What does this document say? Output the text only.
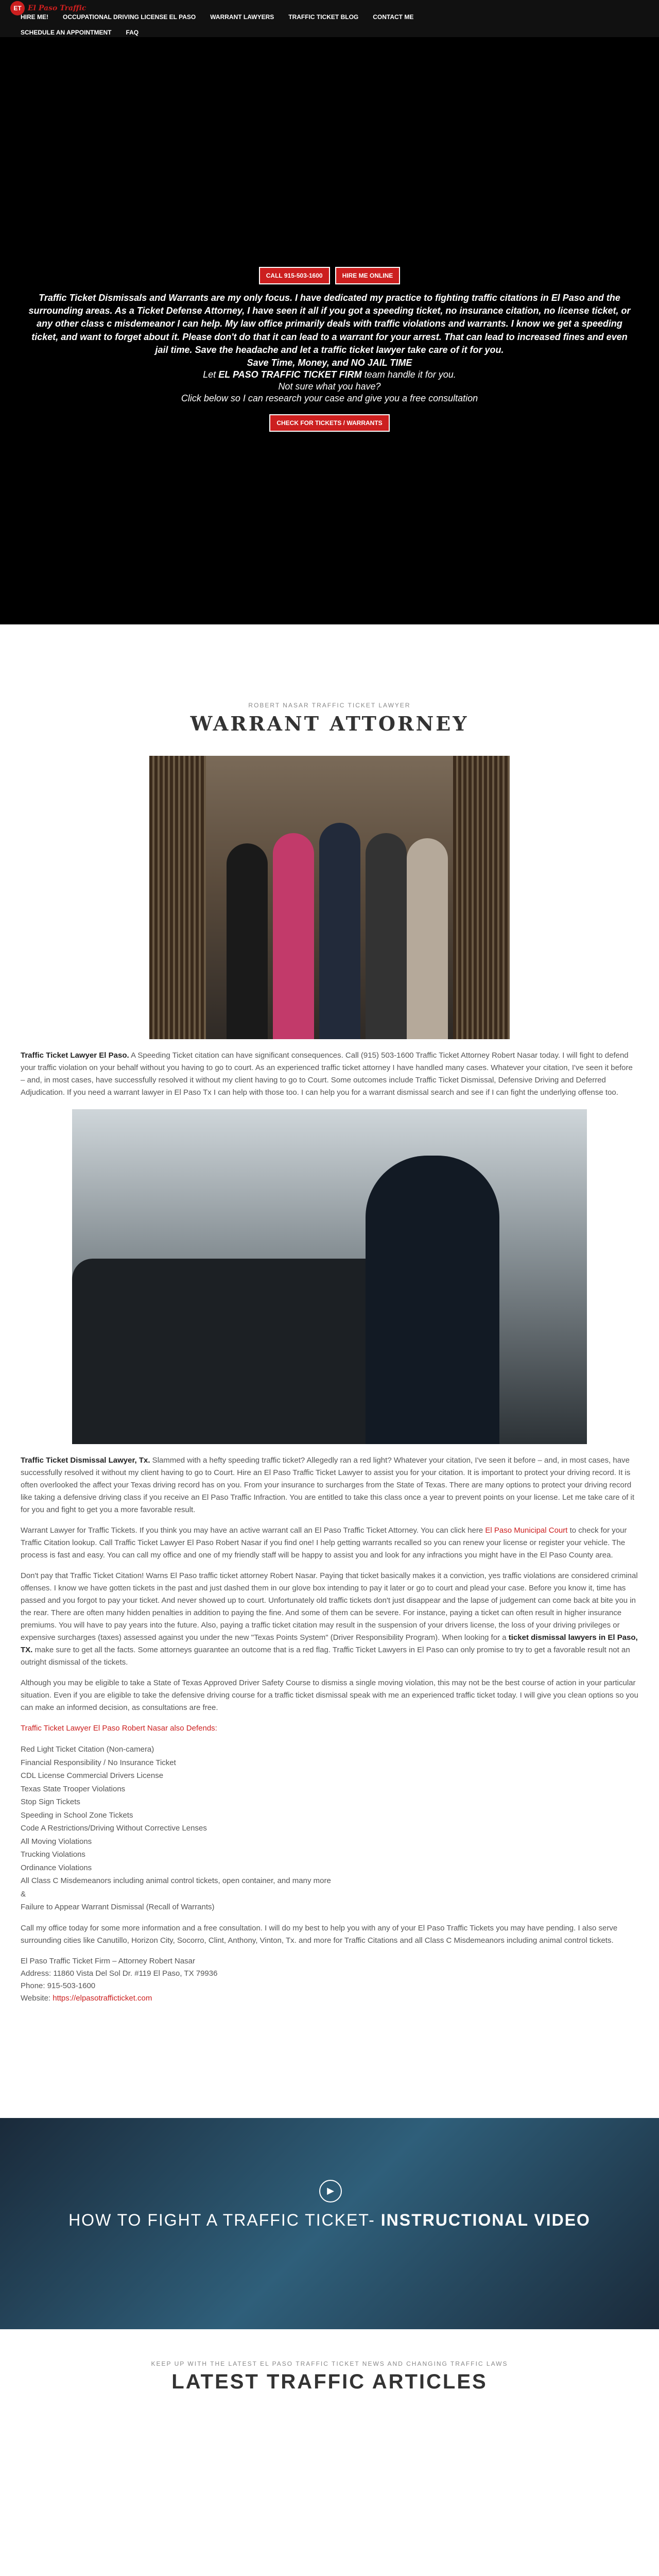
ET El Paso Traffic
HIRE ME! OCCUPATIONAL DRIVING LICENSE EL PASO WARRANT LAWYERS TRAFFIC TICKET BLOG CONTACT ME
SCHEDULE AN APPOINTMENT FAQ
CALL 915-503-1600	HIRE ME ONLINE

Traffic Ticket Dismissals and Warrants are my only focus. I have dedicated my practice to fighting traffic citations in El Paso and the surrounding areas. As a Ticket Defense Attorney, I have seen it all if you got a speeding ticket, no insurance citation, no license ticket, or any other class c misdemeanor I can help. My law office primarily deals with traffic violations and warrants. I know we get a speeding ticket, and want to forget about it. Please don't do that it can lead to a warrant for your arrest. That can lead to increased fines and even jail time. Save the headache and let a traffic ticket lawyer take care of it for you.

Save Time, Money, and NO JAIL TIME

Let EL PASO TRAFFIC TICKET FIRM team handle it for you.

Not sure what you have?

Click below so I can research your case and give you a free consultation

CHECK FOR TICKETS / WARRANTS
ROBERT NASAR TRAFFIC TICKET LAWYER
WARRANT ATTORNEY

Traffic Ticket Lawyer El Paso. A Speeding Ticket citation can have significant consequences. Call (915) 503-1600 Traffic Ticket Attorney Robert Nasar today. I will fight to defend your traffic violation on your behalf without you having to go to court. As an experienced traffic ticket attorney I have handled many cases. Whatever your citation, I've seen it before – and, in most cases, have successfully resolved it without my client having to go to Court. Some outcomes include Traffic Ticket Dismissal, Defensive Driving and Deferred Adjudication. If you need a warrant lawyer in El Paso Tx I can help with those too. I can help you for a warrant dismissal search and see if I can fight the underlying offense too.

Traffic Ticket Dismissal Lawyer, Tx. Slammed with a hefty speeding traffic ticket? Allegedly ran a red light? Whatever your citation, I've seen it before – and, in most cases, have successfully resolved it without my client having to go to Court. Hire an El Paso Traffic Ticket Lawyer to assist you for your citation. It is important to protect your driving record. It is often overlooked the affect your Texas driving record has on you. From your insurance to surcharges from the State of Texas. There are many options to protect your driving record like taking a defensive driving class if you receive an El Paso Traffic Infraction. You are entitled to take this class once a year to prevent points on your license. Let me take care of it for you and fight to get you a more favorable result.

Warrant Lawyer for Traffic Tickets. If you think you may have an active warrant call an El Paso Traffic Ticket Attorney. You can click here El Paso Municipal Court to check for your Traffic Citation lookup. Call Traffic Ticket Lawyer El Paso Robert Nasar if you find one! I help getting warrants recalled so you can renew your license or register your vehicle. The process is fast and easy. You can call my office and one of my friendly staff will be happy to assist you and look for any infractions you might have in the El Paso County area.

Don't pay that Traffic Ticket Citation! Warns El Paso traffic ticket attorney Robert Nasar. Paying that ticket basically makes it a conviction, yes traffic violations are considered criminal offenses. I know we have gotten tickets in the past and just dashed them in our glove box intending to pay it later or go to court and plead your case. Before you know it, time has passed and you forgot to pay your ticket. And never showed up to court. Unfortunately old traffic tickets don't just disappear and the lapse of judgement can come back at bite you in the rear. There are often many hidden penalties in addition to paying the fine. And some of them can be severe. For instance, paying a ticket can often result in higher insurance premiums. You will have to pay years into the future. Also, paying a traffic ticket citation may result in the suspension of your drivers license, the loss of your driving privileges or expensive surcharges (taxes) assessed against you under the new "Texas Points System" (Driver Responsibility Program). When looking for a ticket dismissal lawyers in El Paso, TX. make sure to get all the facts. Some attorneys guarantee an outcome that is a red flag. Traffic Ticket Lawyers in El Paso can only promise to try to get a favorable result not an outright dismissal of the tickets.

Although you may be eligible to take a State of Texas Approved Driver Safety Course to dismiss a single moving violation, this may not be the best course of action in your particular situation. Even if you are eligible to take the defensive driving course for a traffic ticket dismissal speak with me an experienced traffic ticket today. I will give you clean options so you can make an informed decision, as consultations are free.

Traffic Ticket Lawyer El Paso Robert Nasar also Defends:

Red Light Ticket Citation (Non-camera)
Financial Responsibility / No Insurance Ticket
CDL License Commercial Drivers License
Texas State Trooper Violations
Stop Sign Tickets
Speeding in School Zone Tickets
Code A Restrictions/Driving Without Corrective Lenses
All Moving Violations
Trucking Violations
Ordinance Violations
All Class C Misdemeanors including animal control tickets, open container, and many more
&
Failure to Appear Warrant Dismissal (Recall of Warrants)

Call my office today for some more information and a free consultation. I will do my best to help you with any of your El Paso Traffic Tickets you may have pending. I also serve surrounding cities like Canutillo, Horizon City, Socorro, Clint, Anthony, Vinton, Tx. and more for Traffic Citations and all Class C Misdemeanors including animal control tickets.

El Paso Traffic Ticket Firm – Attorney Robert Nasar
Address: 11860 Vista Del Sol Dr. #119 El Paso, TX 79936
Phone: 915-503-1600
Website: https://elpasotrafficticket.com
▶
HOW TO FIGHT A TRAFFIC TICKET- INSTRUCTIONAL VIDEO
KEEP UP WITH THE LATEST EL PASO TRAFFIC TICKET NEWS AND CHANGING TRAFFIC LAWS
LATEST TRAFFIC ARTICLES
